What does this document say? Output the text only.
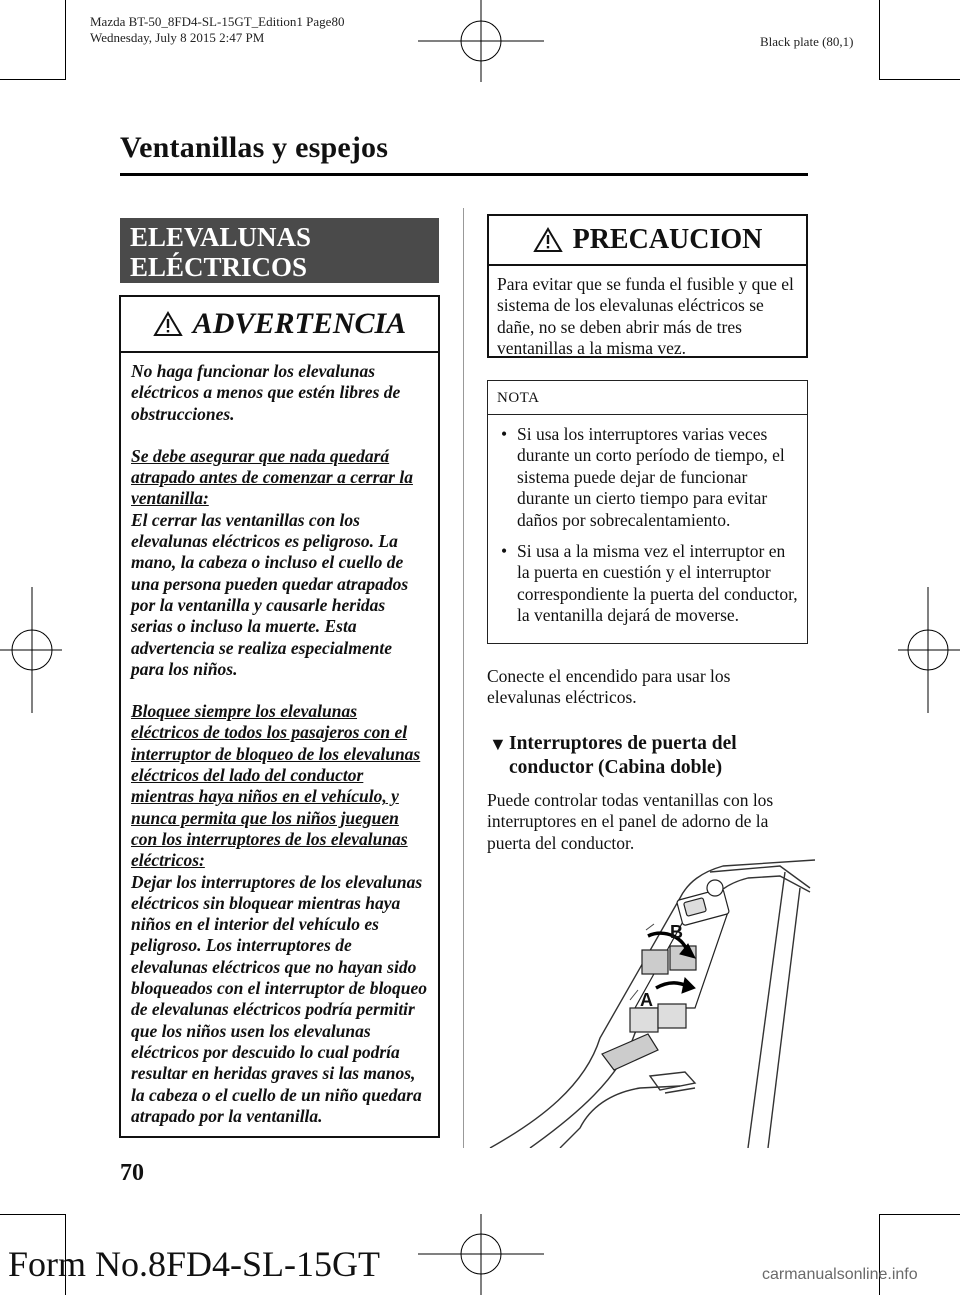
Mazda BT-50_8FD4-SL-15GT_Edition1 Page80
Wednesday, July 8 2015 2:47 PM	Black plate (80,1)
Ventanillas y espejos
ELEVALUNAS
ELÉCTRICOS
ADVERTENCIA

No haga funcionar los elevalunas eléctricos a menos que estén libres de obstrucciones.

Se debe asegurar que nada quedará atrapado antes de comenzar a cerrar la ventanilla:
El cerrar las ventanillas con los elevalunas eléctricos es peligroso. La mano, la cabeza o incluso el cuello de una persona pueden quedar atrapados por la ventanilla y causarle heridas serias o incluso la muerte. Esta advertencia se realiza especialmente para los niños.

Bloquee siempre los elevalunas eléctricos de todos los pasajeros con el interruptor de bloqueo de los elevalunas eléctricos del lado del conductor mientras haya niños en el vehículo, y nunca permita que los niños jueguen con los interruptores de los elevalunas eléctricos:
Dejar los interruptores de los elevalunas eléctricos sin bloquear mientras haya niños en el interior del vehículo es peligroso. Los interruptores de elevalunas eléctricos que no hayan sido bloqueados con el interruptor de bloqueo de elevalunas eléctricos podría permitir que los niños usen los elevalunas eléctricos por descuido lo cual podría resultar en heridas graves si las manos, la cabeza o el cuello de un niño quedara atrapado por la ventanilla.

PRECAUCION
Para evitar que se funda el fusible y que el sistema de los elevalunas eléctricos se dañe, no se deben abrir más de tres ventanillas a la misma vez.
NOTA
• Si usa los interruptores varias veces durante un corto período de tiempo, el sistema puede dejar de funcionar durante un cierto tiempo para evitar daños por sobrecalentamiento.
• Si usa a la misma vez el interruptor en la puerta en cuestión y el interruptor correspondiente la puerta del conductor, la ventanilla dejará de moverse.
Conecte el encendido para usar los elevalunas eléctricos.
▼ Interruptores de puerta del conductor (Cabina doble)
Puede controlar todas ventanillas con los interruptores en el panel de adorno de la puerta del conductor.
A
B
70
Form No.8FD4-SL-15GT	carmanualsonline.info
